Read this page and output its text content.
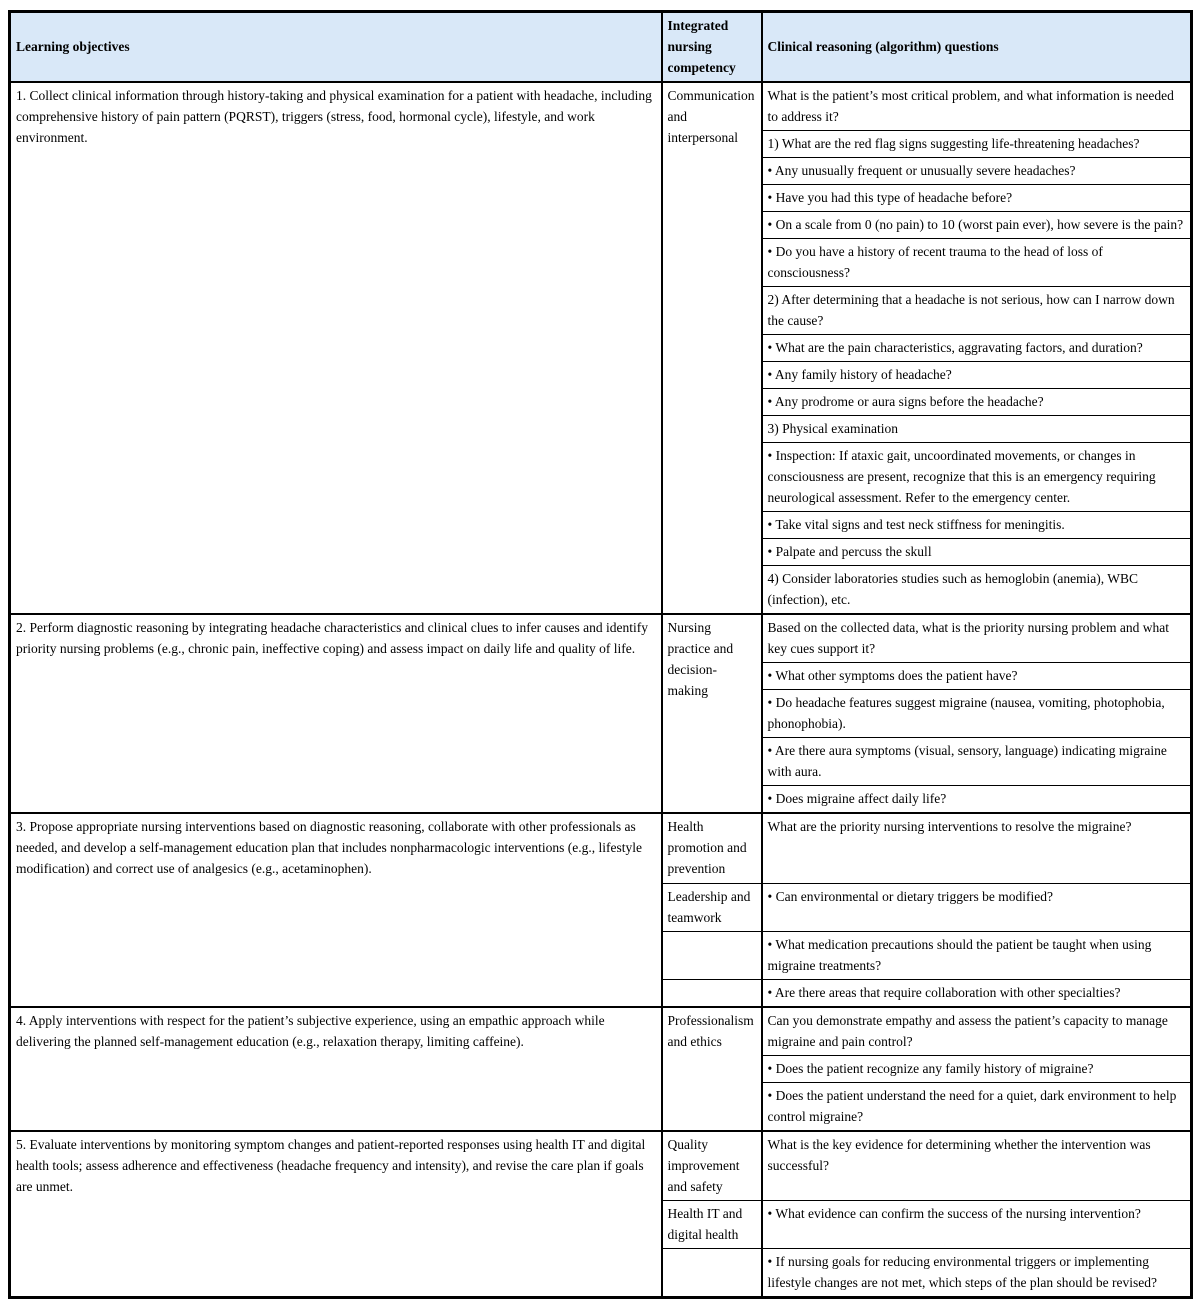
Learning objectives	Integrated nursing competency	Clinical reasoning (algorithm) questions
1. Collect clinical information through history-taking and physical examination for a patient with headache, including comprehensive history of pain pattern (PQRST), triggers (stress, food, hormonal cycle), lifestyle, and work environment.	Communication and interpersonal	What is the patient’s most critical problem, and what information is needed to address it?
		1) What are the red flag signs suggesting life-threatening headaches?
		• Any unusually frequent or unusually severe headaches?
		• Have you had this type of headache before?
		• On a scale from 0 (no pain) to 10 (worst pain ever), how severe is the pain?
		• Do you have a history of recent trauma to the head of loss of consciousness?
		2) After determining that a headache is not serious, how can I narrow down the cause?
		• What are the pain characteristics, aggravating factors, and duration?
		• Any family history of headache?
		• Any prodrome or aura signs before the headache?
		3) Physical examination
		• Inspection: If ataxic gait, uncoordinated movements, or changes in consciousness are present, recognize that this is an emergency requiring neurological assessment. Refer to the emergency center.
		• Take vital signs and test neck stiffness for meningitis.
		• Palpate and percuss the skull
		4) Consider laboratories studies such as hemoglobin (anemia), WBC (infection), etc.
2. Perform diagnostic reasoning by integrating headache characteristics and clinical clues to infer causes and identify priority nursing problems (e.g., chronic pain, ineffective coping) and assess impact on daily life and quality of life.	Nursing practice and decision-making	Based on the collected data, what is the priority nursing problem and what key cues support it?
		• What other symptoms does the patient have?
		• Do headache features suggest migraine (nausea, vomiting, photophobia, phonophobia).
		• Are there aura symptoms (visual, sensory, language) indicating migraine with aura.
		• Does migraine affect daily life?
3. Propose appropriate nursing interventions based on diagnostic reasoning, collaborate with other professionals as needed, and develop a self-management education plan that includes nonpharmacologic interventions (e.g., lifestyle modification) and correct use of analgesics (e.g., acetaminophen).	Health promotion and prevention	What are the priority nursing interventions to resolve the migraine?
	Leadership and teamwork	• Can environmental or dietary triggers be modified?
		• What medication precautions should the patient be taught when using migraine treatments?
		• Are there areas that require collaboration with other specialties?
4. Apply interventions with respect for the patient’s subjective experience, using an empathic approach while delivering the planned self-management education (e.g., relaxation therapy, limiting caffeine).	Professionalism and ethics	Can you demonstrate empathy and assess the patient’s capacity to manage migraine and pain control?
		• Does the patient recognize any family history of migraine?
		• Does the patient understand the need for a quiet, dark environment to help control migraine?
5. Evaluate interventions by monitoring symptom changes and patient-reported responses using health IT and digital health tools; assess adherence and effectiveness (headache frequency and intensity), and revise the care plan if goals are unmet.	Quality improvement and safety	What is the key evidence for determining whether the intervention was successful?
	Health IT and digital health	• What evidence can confirm the success of the nursing intervention?
		• If nursing goals for reducing environmental triggers or implementing lifestyle changes are not met, which steps of the plan should be revised?
